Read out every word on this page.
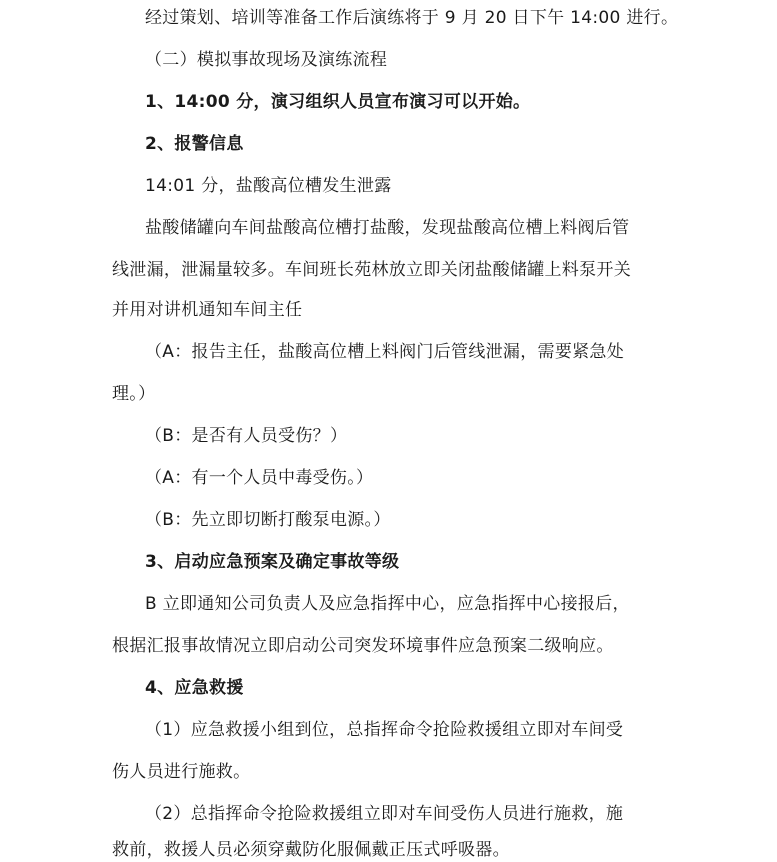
经过策划、培训等准备工作后演练将于 9 月 20 日下午 14:00 进行。
（二）模拟事故现场及演练流程
1、14:00 分，演习组织人员宣布演习可以开始。
2、报警信息
14:01 分，盐酸高位槽发生泄露
盐酸储罐向车间盐酸高位槽打盐酸，发现盐酸高位槽上料阀后管
线泄漏，泄漏量较多。车间班长苑林放立即关闭盐酸储罐上料泵开关
并用对讲机通知车间主任
（A：报告主任，盐酸高位槽上料阀门后管线泄漏，需要紧急处
理。）
（B：是否有人员受伤？）
（A：有一个人员中毒受伤。）
（B：先立即切断打酸泵电源。）
3、启动应急预案及确定事故等级
B 立即通知公司负责人及应急指挥中心，应急指挥中心接报后，
根据汇报事故情况立即启动公司突发环境事件应急预案二级响应。
4、应急救援
（1）应急救援小组到位，总指挥命令抢险救援组立即对车间受
伤人员进行施救。
（2）总指挥命令抢险救援组立即对车间受伤人员进行施救，施
救前，救援人员必须穿戴防化服佩戴正压式呼吸器。
